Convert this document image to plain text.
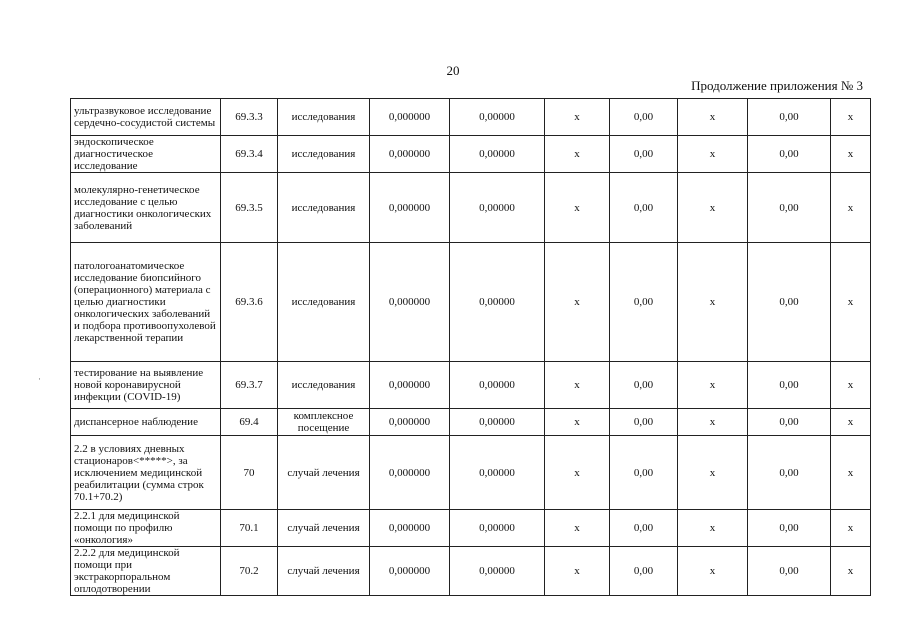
20
Продолжение приложения № 3
ультразвуковое исследование сердечно-сосудистой системы	69.3.3	исследования	0,000000	0,00000	x	0,00	x	0,00	x
эндоскопическое диагностическое исследование	69.3.4	исследования	0,000000	0,00000	x	0,00	x	0,00	x
молекулярно-генетическое исследование с целью диагностики онкологических заболеваний	69.3.5	исследования	0,000000	0,00000	x	0,00	x	0,00	x
патологоанатомическое исследование биопсийного (операционного) материала с целью диагностики онкологических заболеваний и подбора противоопухолевой лекарственной терапии	69.3.6	исследования	0,000000	0,00000	x	0,00	x	0,00	x
тестирование на выявление новой коронавирусной инфекции (COVID-19)	69.3.7	исследования	0,000000	0,00000	x	0,00	x	0,00	x
диспансерное наблюдение	69.4	комплексное посещение	0,000000	0,00000	x	0,00	x	0,00	x
2.2 в условиях дневных стационаров<*****>, за исключением медицинской реабилитации (сумма строк 70.1+70.2)	70	случай лечения	0,000000	0,00000	x	0,00	x	0,00	x
2.2.1 для медицинской помощи по профилю «онкология»	70.1	случай лечения	0,000000	0,00000	x	0,00	x	0,00	x
2.2.2 для медицинской помощи при экстракорпоральном оплодотворении	70.2	случай лечения	0,000000	0,00000	x	0,00	x	0,00	x
·
